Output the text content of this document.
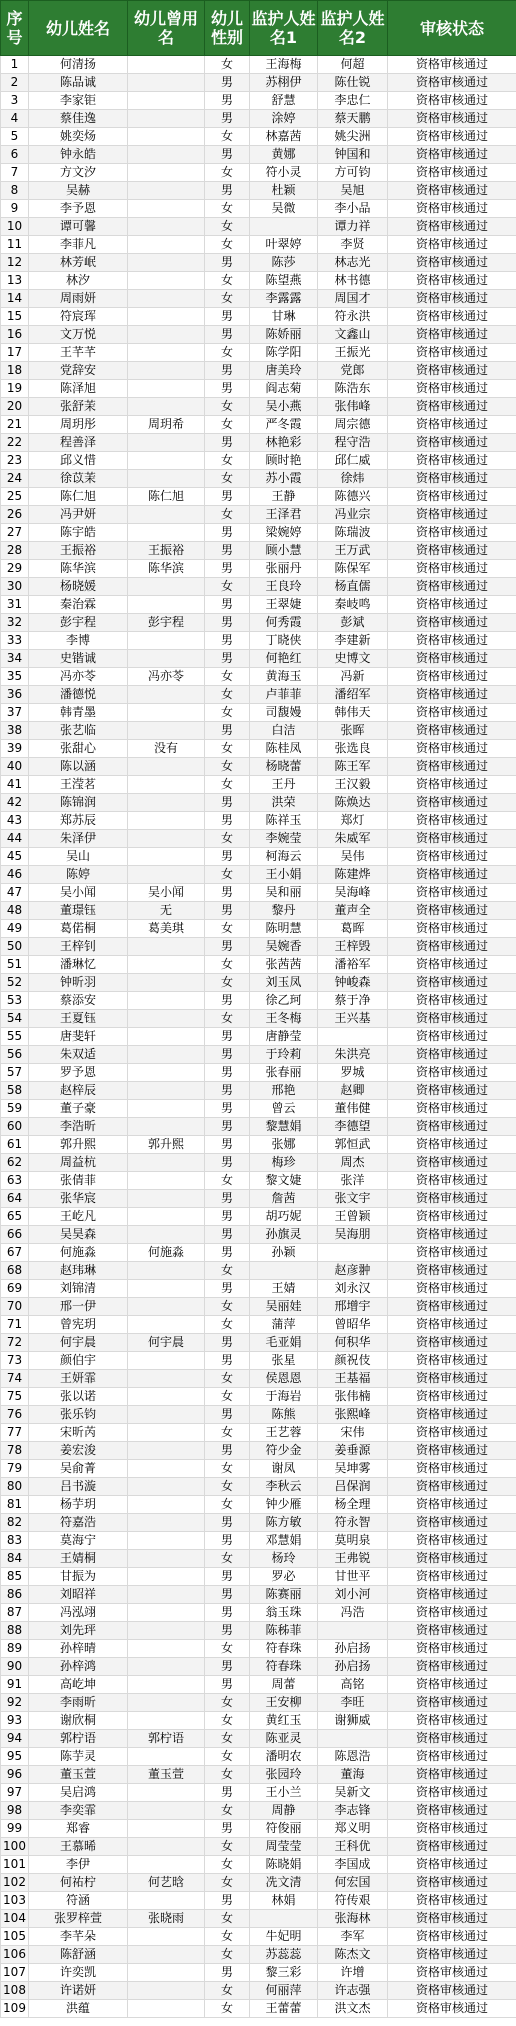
序号	幼儿姓名	幼儿曾用名	幼儿性别	监护人姓名1	监护人姓名2	审核状态
1	何清扬		女	王海梅	何超	资格审核通过
2	陈品诚		男	苏栩伊	陈仕锐	资格审核通过
3	李家钜		男	舒慧	李忠仁	资格审核通过
4	蔡佳逸		男	涂婷	蔡天鹏	资格审核通过
5	姚奕炀		女	林嘉茜	姚尖洲	资格审核通过
6	钟永皓		男	黄娜	钟国和	资格审核通过
7	方文汐		女	符小灵	方可钧	资格审核通过
8	吴赫		男	杜颖	吴旭	资格审核通过
9	李予恩		女	吴微	李小品	资格审核通过
10	谭可馨		女		谭力祥	资格审核通过
11	李菲凡		女	叶翠婷	李贤	资格审核通过
12	林芳岷		男	陈莎	林志光	资格审核通过
13	林汐		女	陈望燕	林书德	资格审核通过
14	周雨妍		女	李露露	周国才	资格审核通过
15	符宸珲		男	甘琳	符永洪	资格审核通过
16	文万悦		男	陈娇丽	文鑫山	资格审核通过
17	王芊芊		女	陈学阳	王振光	资格审核通过
18	党辞安		男	唐美玲	党郎	资格审核通过
19	陈泽旭		男	阎志菊	陈浩东	资格审核通过
20	张舒茉		女	吴小燕	张伟峰	资格审核通过
21	周玥彤	周玥希	女	严冬霞	周宗德	资格审核通过
22	程善泽		男	林艳彩	程守浩	资格审核通过
23	邱义惜		女	顾时艳	邱仁威	资格审核通过
24	徐苡茉		女	苏小霞	徐炜	资格审核通过
25	陈仁旭	陈仁旭	男	王静	陈德兴	资格审核通过
26	冯尹妍		女	王泽君	冯业宗	资格审核通过
27	陈宇皓		男	梁婉婷	陈瑞波	资格审核通过
28	王振裕	王振裕	男	顾小慧	王万武	资格审核通过
29	陈华滨	陈华滨	男	张丽丹	陈保军	资格审核通过
30	杨晓媛		女	王良玲	杨直儒	资格审核通过
31	秦治霖		男	王翠婕	秦岐鸣	资格审核通过
32	彭宇程	彭宇程	男	何秀霞	彭斌	资格审核通过
33	李博		男	丁晓侠	李建新	资格审核通过
34	史锴诚		男	何艳红	史博文	资格审核通过
35	冯亦苓	冯亦苓	女	黄海玉	冯新	资格审核通过
36	潘德悦		女	卢菲菲	潘绍军	资格审核通过
37	韩青墨		女	司馥嫚	韩伟天	资格审核通过
38	张艺临		男	白洁	张晖	资格审核通过
39	张甜心	没有	女	陈桂凤	张选良	资格审核通过
40	陈以涵		女	杨晓蕾	陈王军	资格审核通过
41	王滢茗		女	王丹	王汉毅	资格审核通过
42	陈锦润		男	洪荣	陈焕达	资格审核通过
43	郑苏辰		男	陈祥玉	郑灯	资格审核通过
44	朱泽伊		女	李婉莹	朱威军	资格审核通过
45	吴山		男	柯海云	吴伟	资格审核通过
46	陈婷		女	王小娟	陈建烨	资格审核通过
47	吴小闻	吴小闻	男	吴和丽	吴海峰	资格审核通过
48	董璟钰	无	男	黎丹	董声全	资格审核通过
49	葛偌桐	葛美琪	女	陈明慧	葛晖	资格审核通过
50	王梓钊		男	吴婉香	王梓毁	资格审核通过
51	潘琳忆		女	张茜茜	潘裕军	资格审核通过
52	钟昕羽		女	刘玉凤	钟峻森	资格审核通过
53	蔡添安		男	徐乙珂	蔡于净	资格审核通过
54	王夏钰		女	王冬梅	王兴基	资格审核通过
55	唐斐轩		男	唐静莹		资格审核通过
56	朱双适		男	于玲莉	朱洪亮	资格审核通过
57	罗予恩		男	张春丽	罗城	资格审核通过
58	赵梓辰		男	邢艳	赵卿	资格审核通过
59	董子豪		男	曾云	董伟健	资格审核通过
60	李浩昕		男	黎慧娟	李德望	资格审核通过
61	郭升熙	郭升熙	男	张娜	郭恒武	资格审核通过
62	周益杭		男	梅珍	周杰	资格审核通过
63	张倩菲		女	黎文婕	张洋	资格审核通过
64	张华宸		男	詹茜	张文宇	资格审核通过
65	王屹凡		男	胡巧妮	王曾颖	资格审核通过
66	吴昊森		男	孙旗灵	吴海朋	资格审核通过
67	何施淼	何施淼	男	孙颖		资格审核通过
68	赵玮琳		女		赵彦翀	资格审核通过
69	刘锦清		男	王婧	刘永汉	资格审核通过
70	邢一伊		女	吴丽娃	邢增宇	资格审核通过
71	曾宪玥		女	蒲萍	曾昭华	资格审核通过
72	何宇晨	何宇晨	男	毛亚娟	何积华	资格审核通过
73	颜伯宇		男	张星	颜祝伎	资格审核通过
74	王妍霏		女	侯恩恩	王基福	资格审核通过
75	张以诺		女	于海岩	张伟楠	资格审核通过
76	张乐钧		男	陈熊	张熙峰	资格审核通过
77	宋昕芮		女	王艺蓉	宋伟	资格审核通过
78	姜宏浚		男	符少金	姜垂源	资格审核通过
79	吴俞菁		女	谢凤	吴坤雾	资格审核通过
80	吕书漩		女	李秋云	吕保润	资格审核通过
81	杨芋玥		女	钟少雁	杨全理	资格审核通过
82	符嘉浩		男	陈方敏	符永智	资格审核通过
83	莫海宁		男	邓慧娟	莫明泉	资格审核通过
84	王婧桐		女	杨玲	王弗锐	资格审核通过
85	甘振为		男	罗必	甘世平	资格审核通过
86	刘昭祥		男	陈赛丽	刘小河	资格审核通过
87	冯泓翊		男	翁玉珠	冯浩	资格审核通过
88	刘先玶		男	陈秭菲		资格审核通过
89	孙梓晴		女	符春珠	孙启扬	资格审核通过
90	孙梓鸿		男	符春珠	孙启扬	资格审核通过
91	高屹坤		男	周蕾	高铭	资格审核通过
92	李雨昕		女	王安柳	李旺	资格审核通过
93	谢欣桐		女	黄红玉	谢狮威	资格审核通过
94	郭柠语	郭柠语	女	陈亚灵		资格审核通过
95	陈芋灵		女	潘明农	陈恩浩	资格审核通过
96	董玉萱	董玉萱	女	张园玲	董海	资格审核通过
97	吴启鸿		男	王小兰	吴新文	资格审核通过
98	李奕霏		女	周静	李志锋	资格审核通过
99	郑睿		男	符俊丽	郑义明	资格审核通过
100	王慕晞		女	周莹莹	王科优	资格审核通过
101	李伊		女	陈晓娟	李国成	资格审核通过
102	何祐柠	何艺晗	女	冼文清	何宏国	资格审核通过
103	符涵		男	林娟	符传艰	资格审核通过
104	张罗梓萱	张晓雨	女		张海林	资格审核通过
105	李芊朵		女	牛妃明	李军	资格审核通过
106	陈舒涵		女	苏蕊蕊	陈杰文	资格审核通过
107	许奕凯		男	黎三彩	许增	资格审核通过
108	许诺妍		女	何丽萍	许志强	资格审核通过
109	洪蕴		女	王蕾蕾	洪文杰	资格审核通过
